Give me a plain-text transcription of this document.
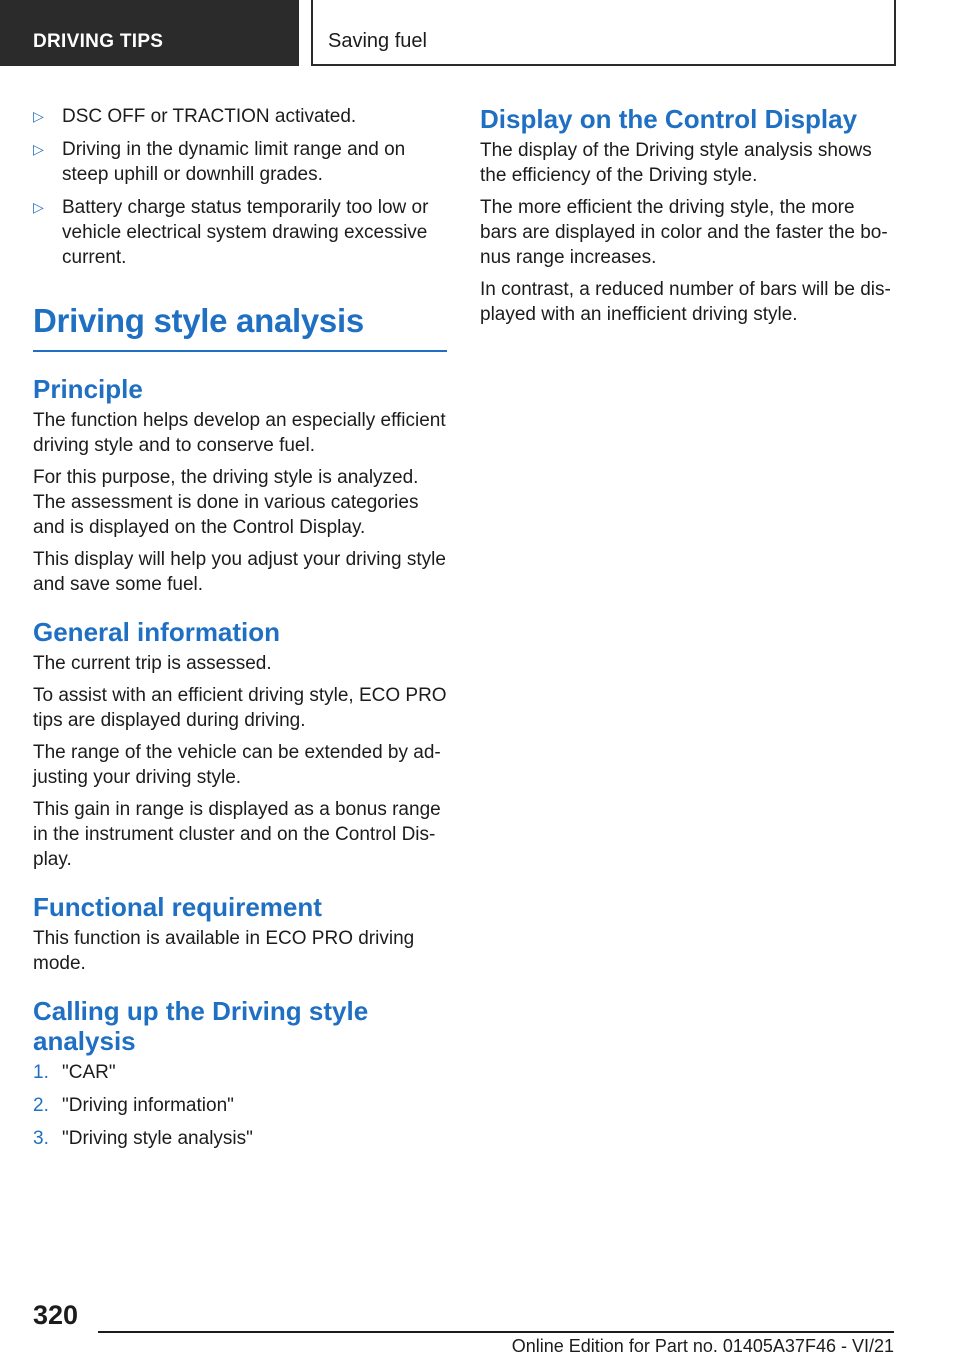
DRIVING TIPS	Saving fuel
▷ DSC OFF or TRACTION activated.
▷ Driving in the dynamic limit range and on steep uphill or downhill grades.
▷ Battery charge status temporarily too low or vehicle electrical system drawing excessive current.
Driving style analysis
Principle

The function helps develop an especially efficient driving style and to conserve fuel.

For this purpose, the driving style is analyzed. The assessment is done in various categories and is displayed on the Control Display.

This display will help you adjust your driving style and save some fuel.

General information

The current trip is assessed.

To assist with an efficient driving style, ECO PRO tips are displayed during driving.

The range of the vehicle can be extended by adjusting your driving style.

This gain in range is displayed as a bonus range in the instrument cluster and on the Control Display.

Functional requirement

This function is available in ECO PRO driving mode.

Calling up the Driving style analysis
1. "CAR"
2. "Driving information"
3. "Driving style analysis"
Display on the Control Display

The display of the Driving style analysis shows the efficiency of the Driving style.

The more efficient the driving style, the more bars are displayed in color and the faster the bonus range increases.

In contrast, a reduced number of bars will be displayed with an inefficient driving style.

320
Online Edition for Part no. 01405A37F46 - VI/21
